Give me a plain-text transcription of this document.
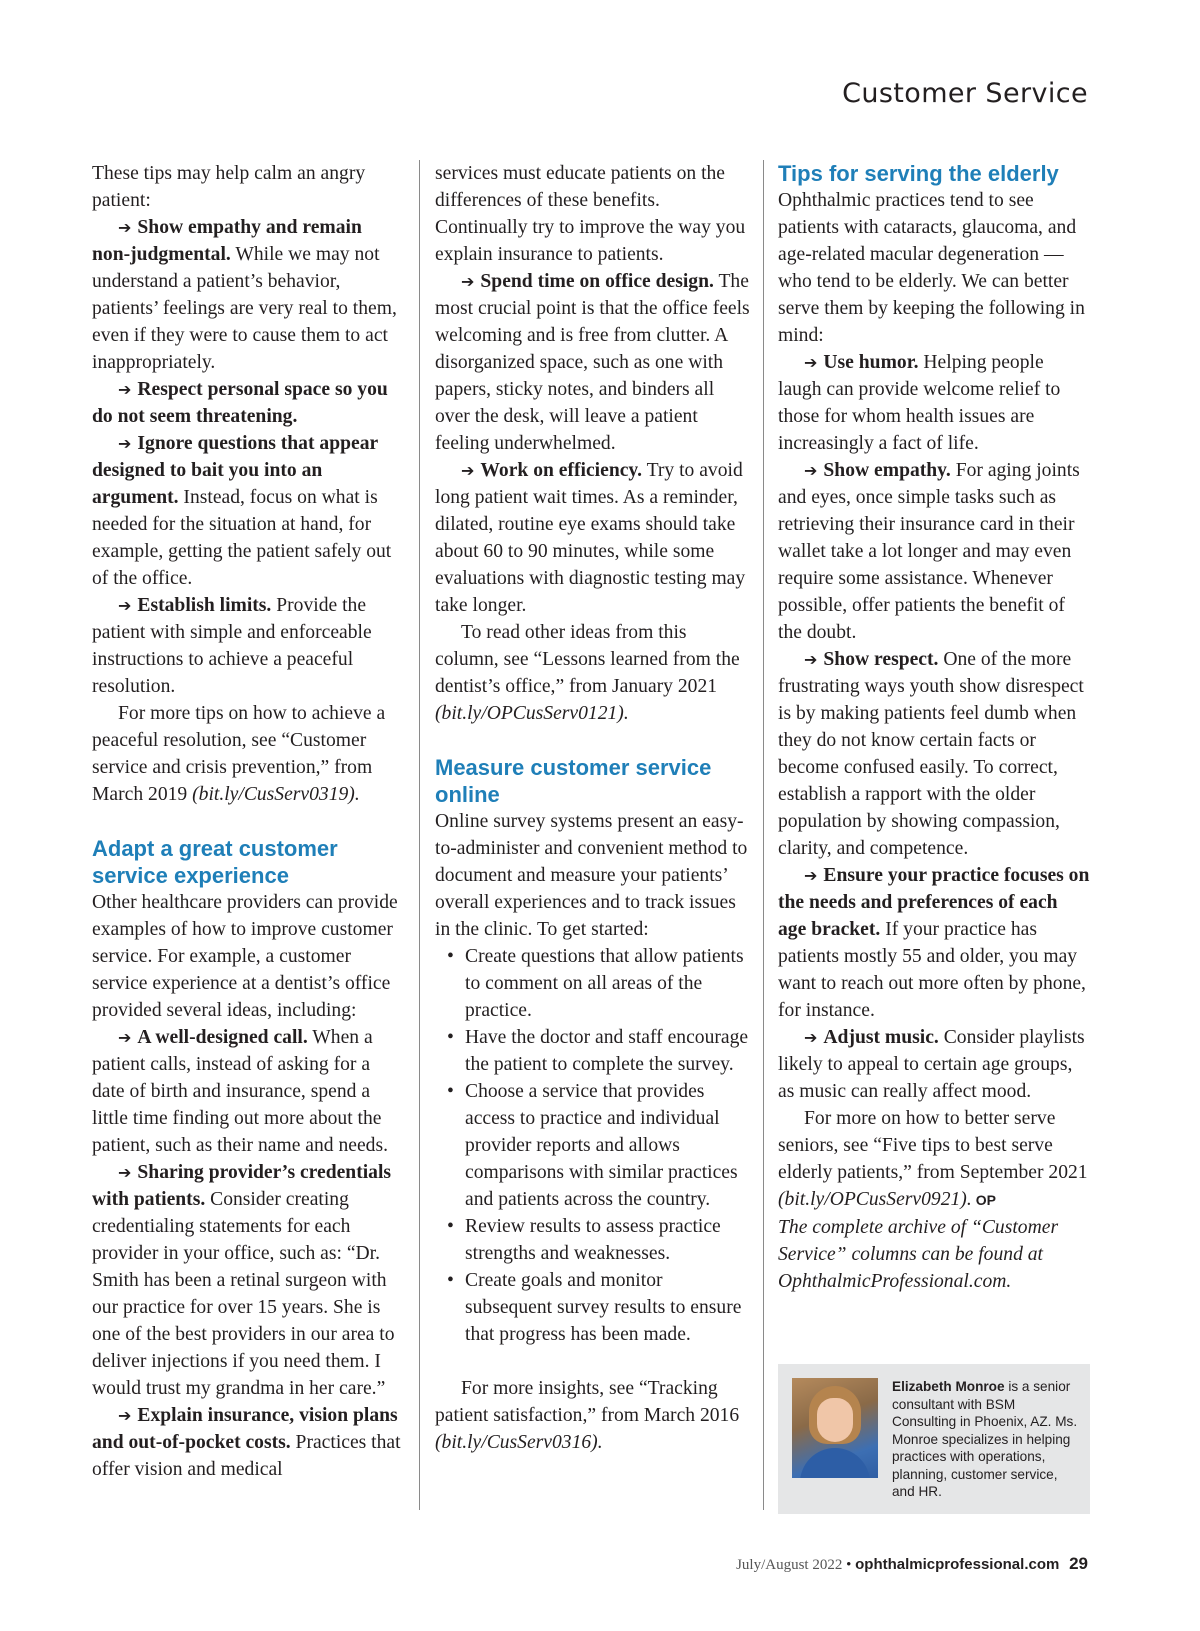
Customer Service

These tips may help calm an angry patient:

➔ Show empathy and remain non-judgmental. While we may not understand a patient’s behavior, patients’ feelings are very real to them, even if they were to cause them to act inappropriately.

➔ Respect personal space so you do not seem threatening.

➔ Ignore questions that appear designed to bait you into an argument. Instead, focus on what is needed for the situation at hand, for example, getting the patient safely out of the office.

➔ Establish limits. Provide the patient with simple and enforceable instructions to achieve a peaceful resolution.

For more tips on how to achieve a peaceful resolution, see “Customer service and crisis prevention,” from March 2019 (bit.ly/CusServ0319).

Adapt a great customer service experience

Other healthcare providers can provide examples of how to improve customer service. For example, a customer service experience at a dentist’s office provided several ideas, including:

➔ A well-designed call. When a patient calls, instead of asking for a date of birth and insurance, spend a little time finding out more about the patient, such as their name and needs.

➔ Sharing provider’s credentials with patients. Consider creating credentialing statements for each provider in your office, such as: “Dr. Smith has been a retinal surgeon with our practice for over 15 years. She is one of the best providers in our area to deliver injections if you need them. I would trust my grandma in her care.”

➔ Explain insurance, vision plans and out-of-pocket costs. Practices that offer vision and medical

services must educate patients on the differences of these benefits. Continually try to improve the way you explain insurance to patients.

➔ Spend time on office design. The most crucial point is that the office feels welcoming and is free from clutter. A disorganized space, such as one with papers, sticky notes, and binders all over the desk, will leave a patient feeling underwhelmed.

➔ Work on efficiency. Try to avoid long patient wait times. As a reminder, dilated, routine eye exams should take about 60 to 90 minutes, while some evaluations with diagnostic testing may take longer.

To read other ideas from this column, see “Lessons learned from the dentist’s office,” from January 2021 (bit.ly/OPCusServ0121).

Measure customer service online

Online survey systems present an easy-to-administer and convenient method to document and measure your patients’ overall experiences and to track issues in the clinic. To get started:

• Create questions that allow patients to comment on all areas of the practice.
• Have the doctor and staff encourage the patient to complete the survey.
• Choose a service that provides access to practice and individual provider reports and allows comparisons with similar practices and patients across the country.
• Review results to assess practice strengths and weaknesses.
• Create goals and monitor subsequent survey results to ensure that progress has been made.

For more insights, see “Tracking patient satisfaction,” from March 2016 (bit.ly/CusServ0316).

Tips for serving the elderly

Ophthalmic practices tend to see patients with cataracts, glaucoma, and age-related macular degeneration — who tend to be elderly. We can better serve them by keeping the following in mind:

➔ Use humor. Helping people laugh can provide welcome relief to those for whom health issues are increasingly a fact of life.

➔ Show empathy. For aging joints and eyes, once simple tasks such as retrieving their insurance card in their wallet take a lot longer and may even require some assistance. Whenever possible, offer patients the benefit of the doubt.

➔ Show respect. One of the more frustrating ways youth show disrespect is by making patients feel dumb when they do not know certain facts or become confused easily. To correct, establish a rapport with the older population by showing compassion, clarity, and competence.

➔ Ensure your practice focuses on the needs and preferences of each age bracket. If your practice has patients mostly 55 and older, you may want to reach out more often by phone, for instance.

➔ Adjust music. Consider playlists likely to appeal to certain age groups, as music can really affect mood.

For more on how to better serve seniors, see “Five tips to best serve elderly patients,” from September 2021 (bit.ly/OPCusServ0921). OP

The complete archive of “Customer Service” columns can be found at OphthalmicProfessional.com.

Elizabeth Monroe is a senior consultant with BSM Consulting in Phoenix, AZ. Ms. Monroe specializes in helping practices with operations, planning, customer service, and HR.
July/August 2022 • ophthalmicprofessional.com 29
